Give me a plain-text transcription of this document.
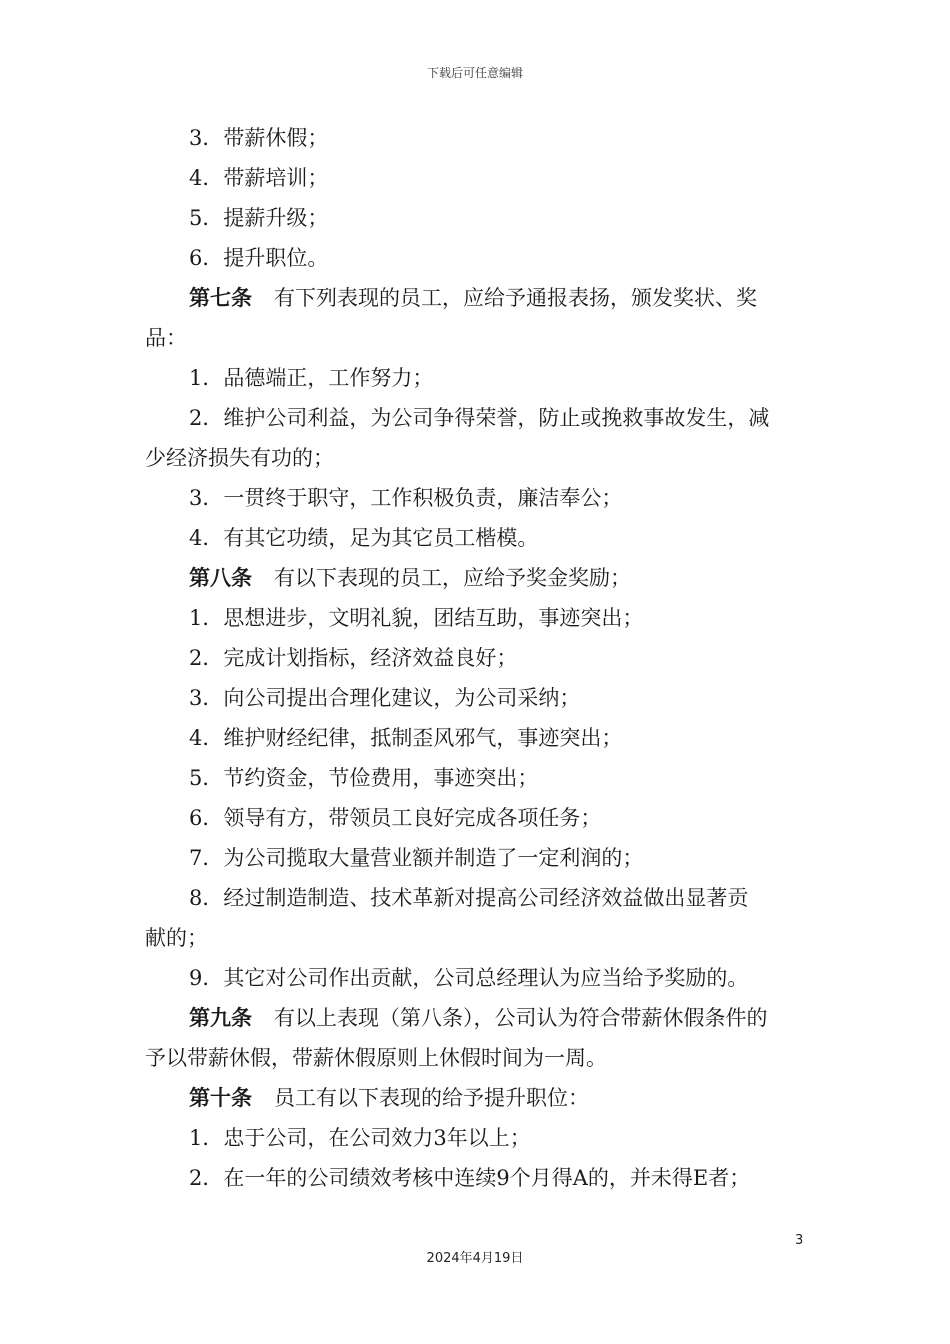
下载后可任意编辑
3．带薪休假；
4．带薪培训；
5．提薪升级；
6．提升职位。
第七条 有下列表现的员工，应给予通报表扬，颁发奖状、奖
品：
1．品德端正，工作努力；
2．维护公司利益，为公司争得荣誉，防止或挽救事故发生，减
少经济损失有功的；
3．一贯终于职守，工作积极负责，廉洁奉公；
4．有其它功绩，足为其它员工楷模。
第八条 有以下表现的员工，应给予奖金奖励；
1．思想进步，文明礼貌，团结互助，事迹突出；
2．完成计划指标，经济效益良好；
3．向公司提出合理化建议，为公司采纳；
4．维护财经纪律，抵制歪风邪气，事迹突出；
5．节约资金，节俭费用，事迹突出；
6．领导有方，带领员工良好完成各项任务；
7．为公司揽取大量营业额并制造了一定利润的；
8．经过制造制造、技术革新对提高公司经济效益做出显著贡
献的；
9．其它对公司作出贡献，公司总经理认为应当给予奖励的。
第九条 有以上表现（第八条），公司认为符合带薪休假条件的
予以带薪休假，带薪休假原则上休假时间为一周。
第十条 员工有以下表现的给予提升职位：
1．忠于公司，在公司效力3年以上；
2．在一年的公司绩效考核中连续9个月得A的，并未得E者；
3
2024年4月19日
